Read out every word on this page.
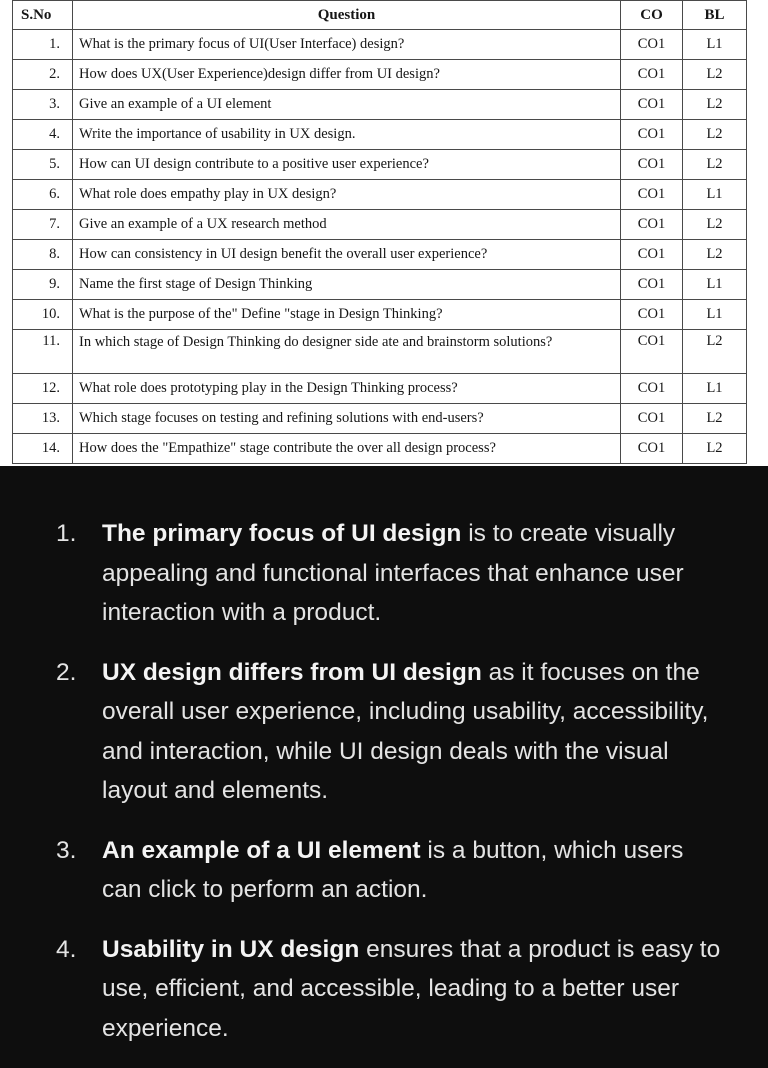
S.No	Question	CO	BL
1.	What is the primary focus of UI(User Interface) design?	CO1	L1
2.	How does UX(User Experience)design differ from UI design?	CO1	L2
3.	Give an example of a UI element	CO1	L2
4.	Write the importance of usability in UX design.	CO1	L2
5.	How can UI design contribute to a positive user experience?	CO1	L2
6.	What role does empathy play in UX design?	CO1	L1
7.	Give an example of a UX research method	CO1	L2
8.	How can consistency in UI design benefit the overall user experience?	CO1	L2
9.	Name the first stage of Design Thinking	CO1	L1
10.	What is the purpose of the" Define "stage in Design Thinking?	CO1	L1
11.	In which stage of Design Thinking do designer side ate and brainstorm solutions?	CO1	L2
12.	What role does prototyping play in the Design Thinking process?	CO1	L1
13.	Which stage focuses on testing and refining solutions with end-users?	CO1	L2
14.	How does the "Empathize" stage contribute the over all design process?	CO1	L2
1.	The primary focus of UI design is to create visually appealing and functional interfaces that enhance user interaction with a product.
2.	UX design differs from UI design as it focuses on the overall user experience, including usability, accessibility, and interaction, while UI design deals with the visual layout and elements.
3.	An example of a UI element is a button, which users can click to perform an action.
4.	Usability in UX design ensures that a product is easy to use, efficient, and accessible, leading to a better user experience.
